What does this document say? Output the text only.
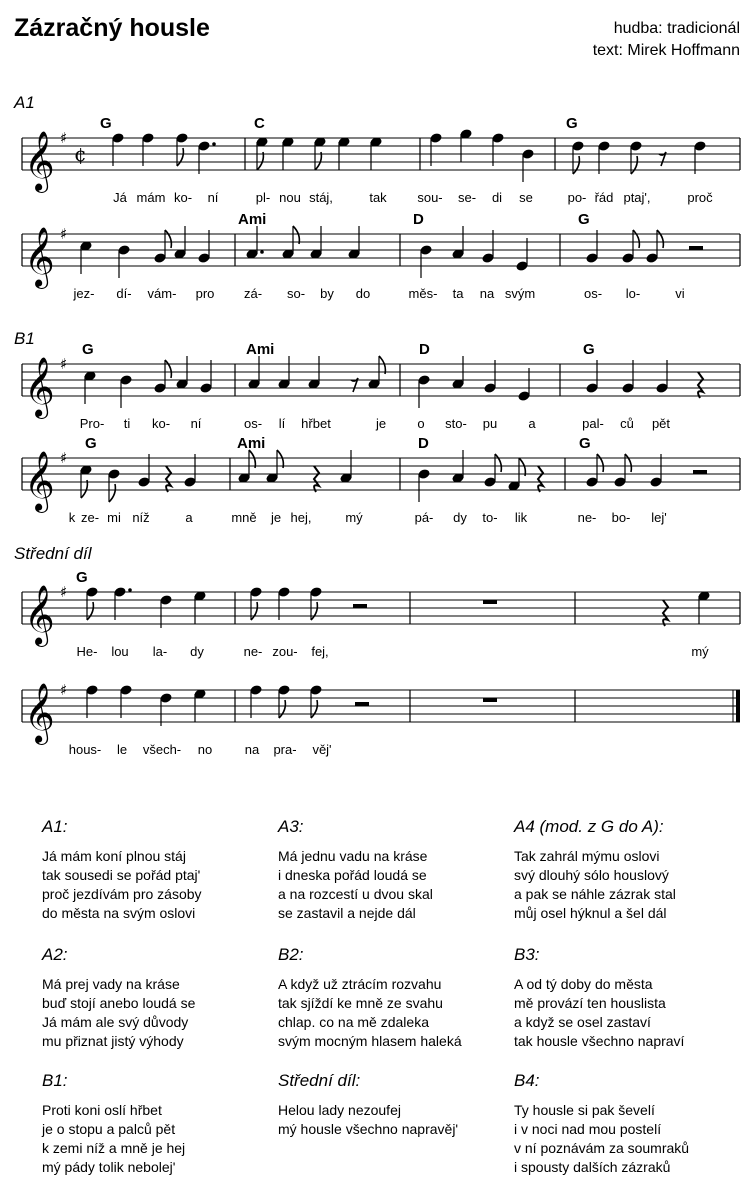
Zázračný housle	hudba: tradicionál
text: Mirek Hoffmann
A1
B1
Střední díl
𝄞 ♯
¢
G	C	G
Já mám ko- ní	pl- nou stáj,	tak sou- se- di se	po- řád ptaj',	proč
𝄞 ♯
Ami	D	G
jez- dí- vám- pro zá- so- by do	měs- ta na svým	os- lo-	vi
𝄞 ♯
G	Ami	D	G
Pro- ti ko- ní	os- lí hřbet	je o sto- pu a	pal- ců pět
𝄞 ♯
G	Ami	D	G
k ze- mi níž	a	mně je hej,	mý	pá- dy to- lik	ne- bo- lej'
𝄞 ♯
G
He- lou la- dy	ne- zou- fej,	mý
𝄞 ♯
hous- le všech- no	na pra- věj'
A1:
Já mám koní plnou stáj
tak sousedi se pořád ptaj'
proč jezdívám pro zásoby
do města na svým oslovi
A3:
Má jednu vadu na kráse
i dneska pořád loudá se
a na rozcestí u dvou skal
se zastavil a nejde dál
A4 (mod. z G do A):
Tak zahrál mýmu oslovi
svý dlouhý sólo houslový
a pak se náhle zázrak stal
můj osel hýknul a šel dál
A2:
Má prej vady na kráse
buď stojí anebo loudá se
Já mám ale svý důvody
mu přiznat jistý výhody
B2:
A když už ztrácím rozvahu
tak sjíždí ke mně ze svahu
chlap. co na mě zdaleka
svým mocným hlasem haleká
B3:
A od tý doby do města
mě provází ten houslista
a když se osel zastaví
tak housle všechno napraví
B1:
Proti koni oslí hřbet
je o stopu a palců pět
k zemi níž a mně je hej
mý pády tolik nebolej'
Střední díl:
Helou lady nezoufej
mý housle všechno napravěj'
B4:
Ty housle si pak ševelí
i v noci nad mou postelí
v ní poznávám za soumraků
i spousty dalších zázraků
